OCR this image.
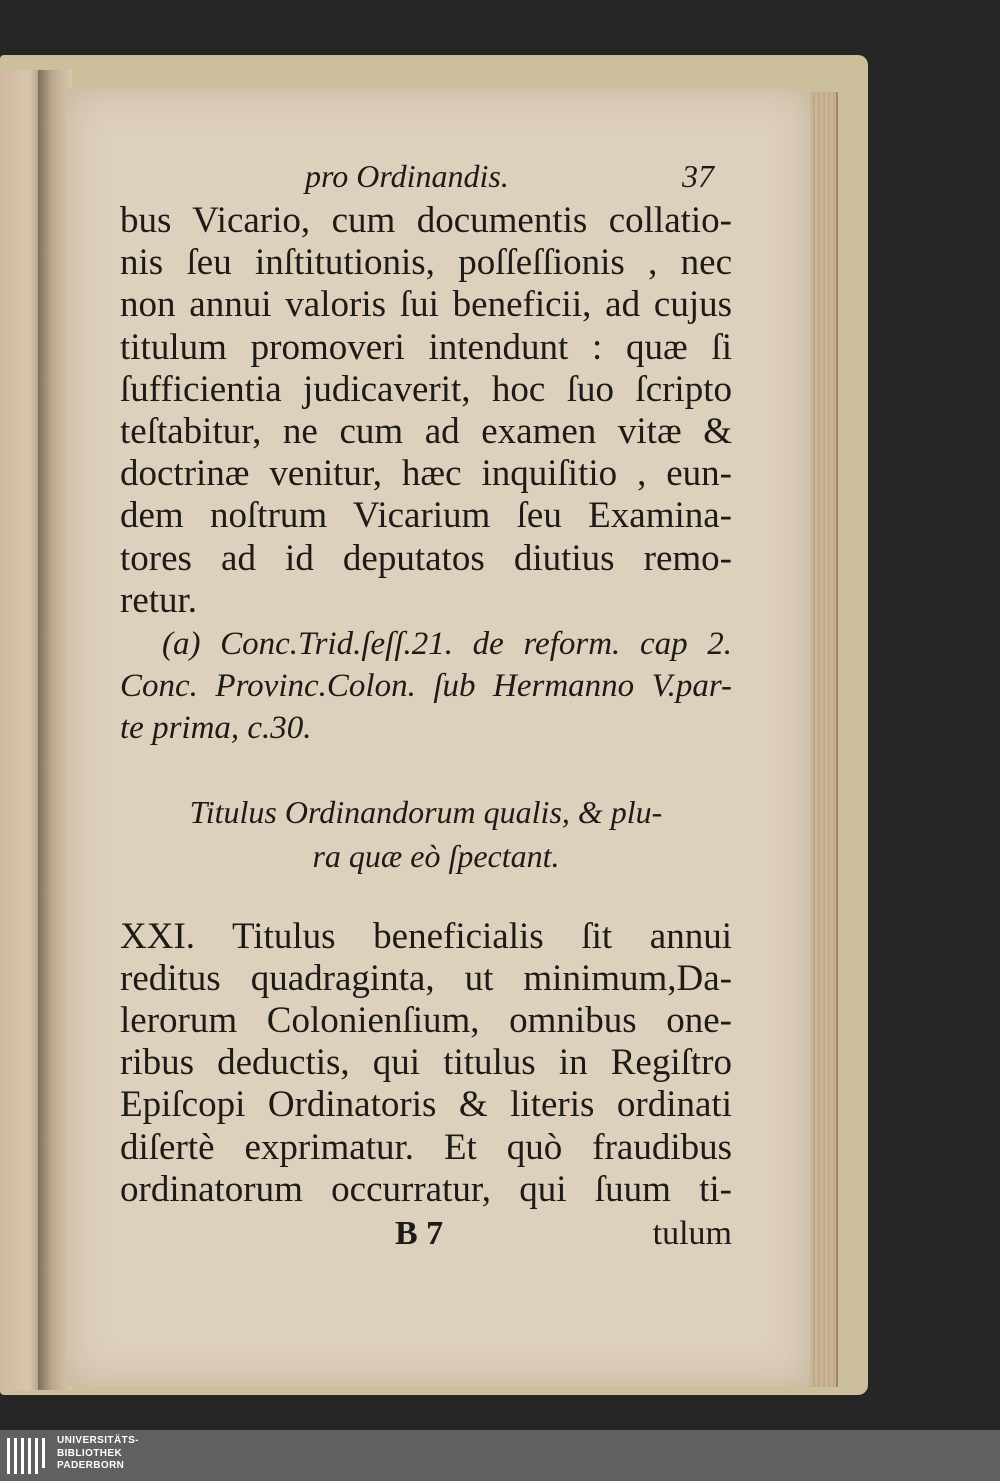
pro Ordinandis.	37
bus Vicario, cum documentis collatio-
nis ſeu inſtitutionis, poſſeſſionis , nec
non annui valoris ſui beneficii, ad cujus
titulum promoveri intendunt : quæ ſi
ſufficientia judicaverit, hoc ſuo ſcripto
teſtabitur, ne cum ad examen vitæ &
doctrinæ venitur, hæc inquiſitio , eun-
dem noſtrum Vicarium ſeu Examina-
tores ad id deputatos diutius remo-
retur.
(a) Conc.Trid.ſeſſ.21. de reform. cap 2.
Conc. Provinc.Colon. ſub Hermanno V.par-
te prima, c.30.
Titulus Ordinandorum qualis, & plu-
ra quæ eò ſpectant.
XXI. Titulus beneficialis ſit annui
reditus quadraginta, ut minimum,Da-
lerorum Colonienſium, omnibus one-
ribus deductis, qui titulus in Regiſtro
Epiſcopi Ordinatoris & literis ordinati
diſertè exprimatur. Et quò fraudibus
ordinatorum occurratur, qui ſuum ti-
B 7	tulum
UNIVERSITÄTS-
BIBLIOTHEK
PADERBORN
